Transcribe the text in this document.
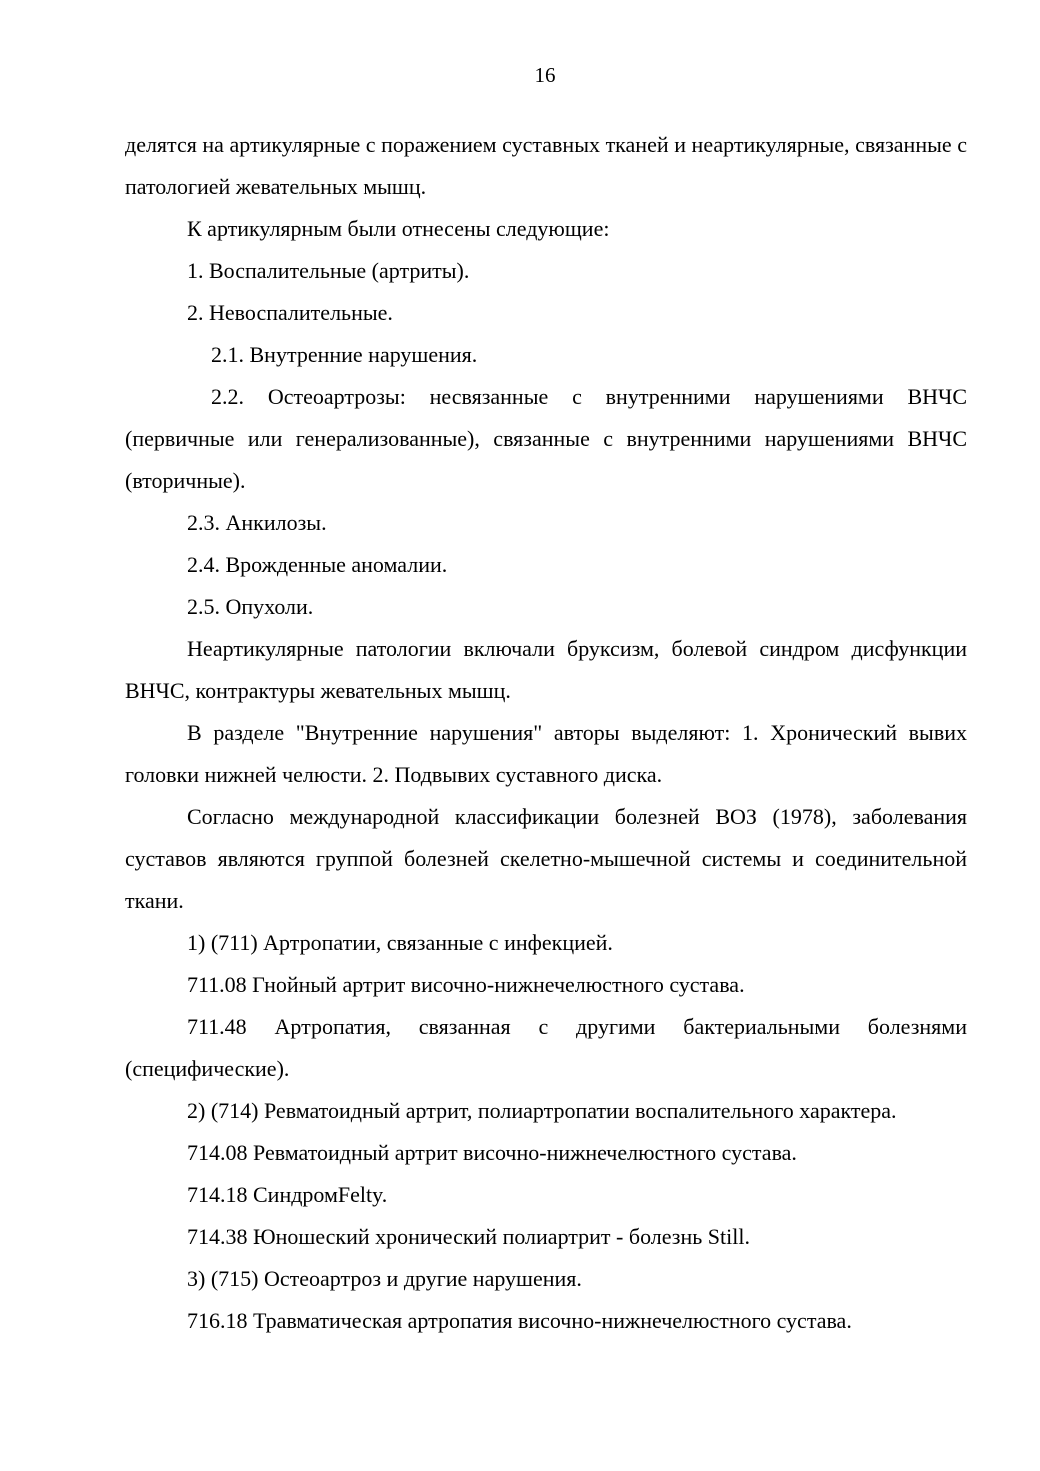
16

делятся на артикулярные с поражением суставных тканей и неартикулярные, связанные с патологией жевательных мышц.

К артикулярным были отнесены следующие:

1. Воспалительные (артриты).

2. Невоспалительные.

2.1. Внутренние нарушения.

2.2. Остеоартрозы: несвязанные с внутренними нарушениями ВНЧС (первичные или генерализованные), связанные с внутренними нарушениями ВНЧС (вторичные).

2.3. Анкилозы.

2.4. Врожденные аномалии.

2.5. Опухоли.

Неартикулярные патологии включали бруксизм, болевой синдром дисфункции ВНЧС, контрактуры жевательных мышц.

В разделе "Внутренние нарушения" авторы выделяют: 1. Хронический вывих головки нижней челюсти. 2. Подвывих суставного диска.

Согласно международной классификации болезней ВОЗ (1978), заболевания суставов являются группой болезней скелетно-мышечной системы и соединительной ткани.

1) (711) Артропатии, связанные с инфекцией.

711.08 Гнойный артрит височно-нижнечелюстного сустава.

711.48 Артропатия, связанная с другими бактериальными болезнями (специфические).

2) (714) Ревматоидный артрит, полиартропатии воспалительного характера.

714.08 Ревматоидный артрит височно-нижнечелюстного сустава.

714.18 СиндромFelty.

714.38 Юношеский хронический полиартрит - болезнь Still.

3) (715) Остеоартроз и другие нарушения.

716.18 Травматическая артропатия височно-нижнечелюстного сустава.
